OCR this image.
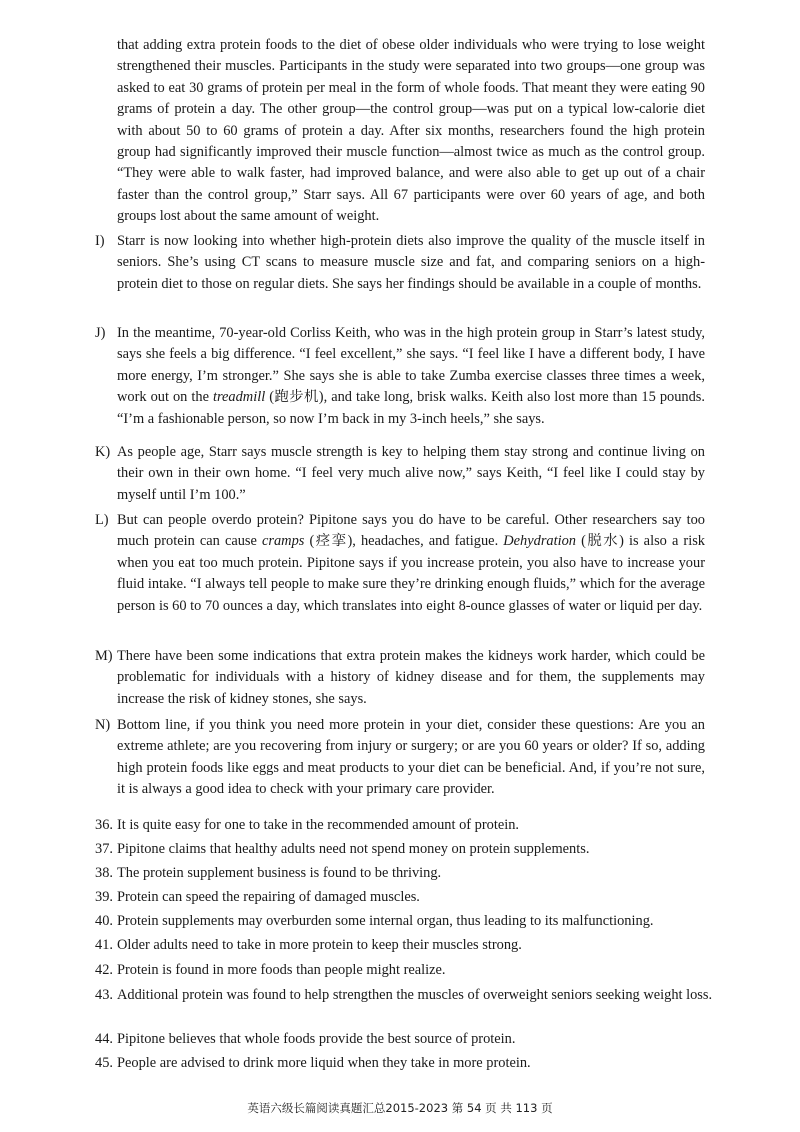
that adding extra protein foods to the diet of obese older individuals who were trying to lose weight strengthened their muscles. Participants in the study were separated into two groups—one group was asked to eat 30 grams of protein per meal in the form of whole foods. That meant they were eating 90 grams of protein a day. The other group—the control group—was put on a typical low-calorie diet with about 50 to 60 grams of protein a day. After six months, researchers found the high protein group had significantly improved their muscle function—almost twice as much as the control group. “They were able to walk faster, had improved balance, and were also able to get up out of a chair faster than the control group,” Starr says. All 67 participants were over 60 years of age, and both groups lost about the same amount of weight.

I) Starr is now looking into whether high-protein diets also improve the quality of the muscle itself in seniors. She’s using CT scans to measure muscle size and fat, and comparing seniors on a high-protein diet to those on regular diets. She says her findings should be available in a couple of months.

J) In the meantime, 70-year-old Corliss Keith, who was in the high protein group in Starr’s latest study, says she feels a big difference. “I feel excellent,” she says. “I feel like I have a different body, I have more energy, I’m stronger.” She says she is able to take Zumba exercise classes three times a week, work out on the treadmill (跑步机), and take long, brisk walks. Keith also lost more than 15 pounds. “I’m a fashionable person, so now I’m back in my 3-inch heels,” she says.

K) As people age, Starr says muscle strength is key to helping them stay strong and continue living on their own in their own home. “I feel very much alive now,” says Keith, “I feel like I could stay by myself until I’m 100.”

L) But can people overdo protein? Pipitone says you do have to be careful. Other researchers say too much protein can cause cramps (痉挛), headaches, and fatigue. Dehydration (脱水) is also a risk when you eat too much protein. Pipitone says if you increase protein, you also have to increase your fluid intake. “I always tell people to make sure they’re drinking enough fluids,” which for the average person is 60 to 70 ounces a day, which translates into eight 8-ounce glasses of water or liquid per day.

M) There have been some indications that extra protein makes the kidneys work harder, which could be problematic for individuals with a history of kidney disease and for them, the supplements may increase the risk of kidney stones, she says.

N) Bottom line, if you think you need more protein in your diet, consider these questions: Are you an extreme athlete; are you recovering from injury or surgery; or are you 60 years or older? If so, adding high protein foods like eggs and meat products to your diet can be beneficial. And, if you’re not sure, it is always a good idea to check with your primary care provider.

36. It is quite easy for one to take in the recommended amount of protein.

37. Pipitone claims that healthy adults need not spend money on protein supplements.

38. The protein supplement business is found to be thriving.

39. Protein can speed the repairing of damaged muscles.

40. Protein supplements may overburden some internal organ, thus leading to its malfunctioning.

41. Older adults need to take in more protein to keep their muscles strong.

42. Protein is found in more foods than people might realize.

43. Additional protein was found to help strengthen the muscles of overweight seniors seeking weight loss.

44. Pipitone believes that whole foods provide the best source of protein.

45. People are advised to drink more liquid when they take in more protein.

英语六级长篇阅读真题汇总2015-2023 第 54 页 共 113 页
